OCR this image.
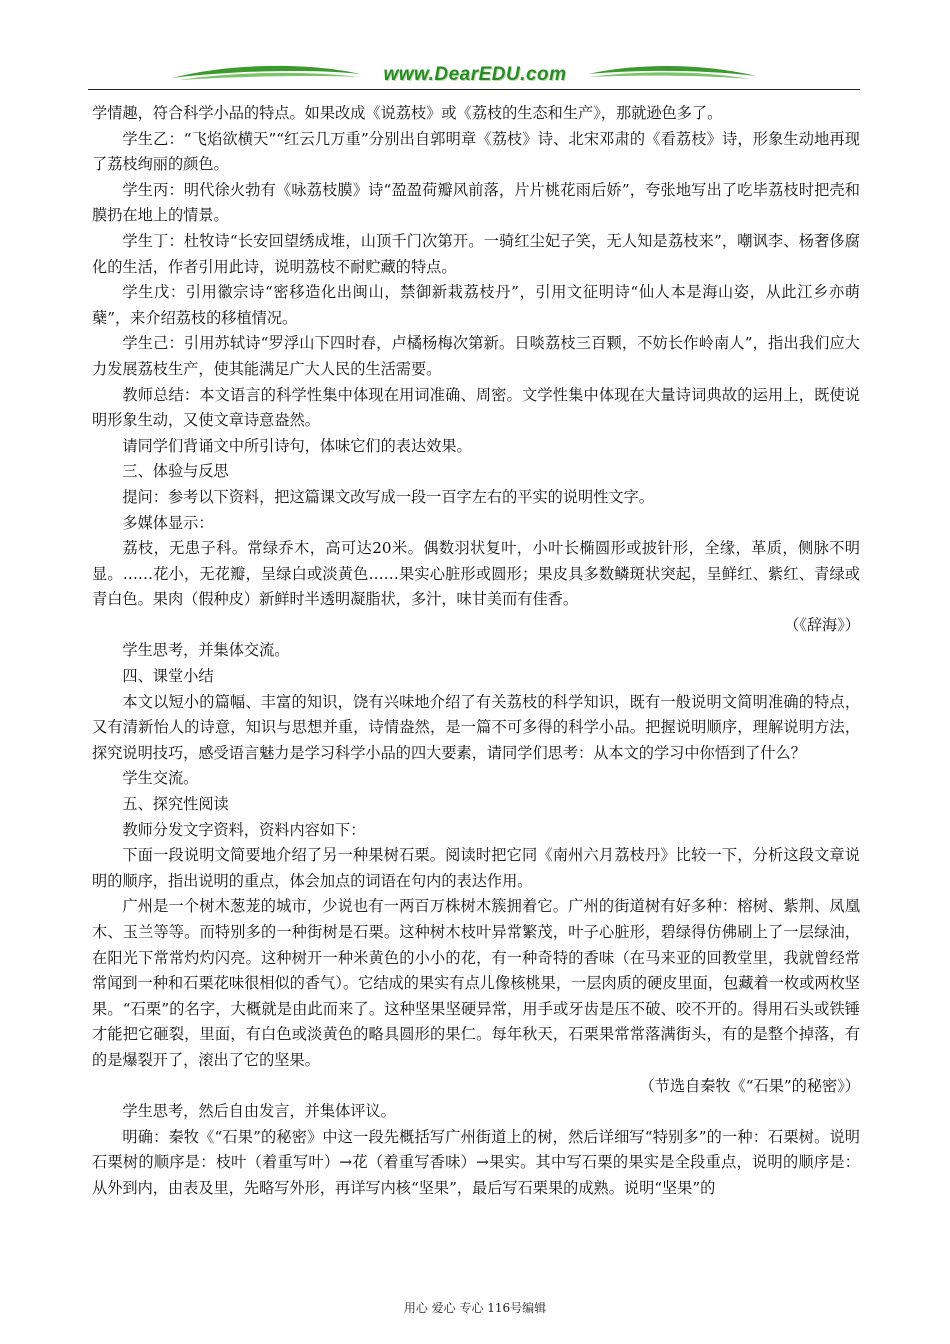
www.DearEDU.com

学情趣，符合科学小品的特点。如果改成《说荔枝》或《荔枝的生态和生产》，那就逊色多了。

学生乙：“飞焰欲横天”“红云几万重”分别出自郭明章《荔枝》诗、北宋邓肃的《看荔枝》诗，形象生动地再现了荔枝绚丽的颜色。

学生丙：明代徐火勃有《咏荔枝膜》诗“盈盈荷瓣风前落，片片桃花雨后娇”，夸张地写出了吃毕荔枝时把壳和膜扔在地上的情景。

学生丁：杜牧诗“长安回望绣成堆，山顶千门次第开。一骑红尘妃子笑，无人知是荔枝来”，嘲讽李、杨奢侈腐化的生活，作者引用此诗，说明荔枝不耐贮藏的特点。

学生戊：引用徽宗诗“密移造化出闽山，禁御新栽荔枝丹”，引用文征明诗“仙人本是海山姿，从此江乡亦萌蘖”，来介绍荔枝的移植情况。

学生己：引用苏轼诗“罗浮山下四时春，卢橘杨梅次第新。日啖荔枝三百颗，不妨长作岭南人”，指出我们应大力发展荔枝生产，使其能满足广大人民的生活需要。

教师总结：本文语言的科学性集中体现在用词准确、周密。文学性集中体现在大量诗词典故的运用上，既使说明形象生动，又使文章诗意盎然。

请同学们背诵文中所引诗句，体味它们的表达效果。

三、体验与反思

提问：参考以下资料，把这篇课文改写成一段一百字左右的平实的说明性文字。

多媒体显示：

荔枝，无患子科。常绿乔木，高可达20米。偶数羽状复叶，小叶长椭圆形或披针形，全缘，革质，侧脉不明显。……花小，无花瓣，呈绿白或淡黄色……果实心脏形或圆形；果皮具多数鳞斑状突起，呈鲜红、紫红、青绿或青白色。果肉（假种皮）新鲜时半透明凝脂状，多汁，味甘美而有佳香。

（《辞海》）

学生思考，并集体交流。

四、课堂小结

本文以短小的篇幅、丰富的知识，饶有兴味地介绍了有关荔枝的科学知识，既有一般说明文简明准确的特点，又有清新怡人的诗意，知识与思想并重，诗情盎然，是一篇不可多得的科学小品。把握说明顺序，理解说明方法，探究说明技巧，感受语言魅力是学习科学小品的四大要素，请同学们思考：从本文的学习中你悟到了什么？

学生交流。

五、探究性阅读

教师分发文字资料，资料内容如下：

下面一段说明文简要地介绍了另一种果树石栗。阅读时把它同《南州六月荔枝丹》比较一下，分析这段文章说明的顺序，指出说明的重点，体会加点的词语在句内的表达作用。

广州是一个树木葱茏的城市，少说也有一两百万株树木簇拥着它。广州的街道树有好多种：榕树、紫荆、凤凰木、玉兰等等。而特别多的一种街树是石栗。这种树木枝叶异常繁茂，叶子心脏形，碧绿得仿佛刷上了一层绿油，在阳光下常常灼灼闪亮。这种树开一种米黄色的小小的花，有一种奇特的香味（在马来亚的回教堂里，我就曾经常常闻到一种和石栗花味很相似的香气）。它结成的果实有点儿像核桃果，一层肉质的硬皮里面，包藏着一枚或两枚坚果。“石栗”的名字，大概就是由此而来了。这种坚果坚硬异常，用手或牙齿是压不破、咬不开的。得用石头或铁锤才能把它砸裂，里面，有白色或淡黄色的略具圆形的果仁。每年秋天，石栗果常常落满街头，有的是整个掉落，有的是爆裂开了，滚出了它的坚果。

（节选自秦牧《“石果”的秘密》）

学生思考，然后自由发言，并集体评议。

明确：秦牧《“石果”的秘密》中这一段先概括写广州街道上的树，然后详细写“特别多”的一种：石栗树。说明石栗树的顺序是：枝叶（着重写叶）→花（着重写香味）→果实。其中写石栗的果实是全段重点，说明的顺序是：从外到内，由表及里，先略写外形，再详写内核“坚果”，最后写石栗果的成熟。说明“坚果”的

用心 爱心 专心 116号编辑
